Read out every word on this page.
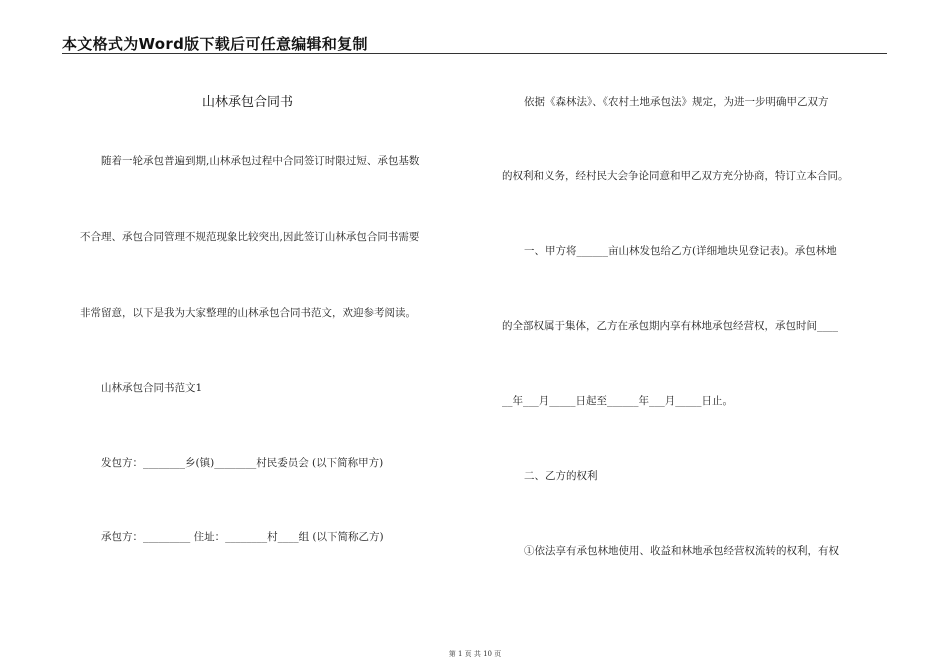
本文格式为Word版下载后可任意编辑和复制
山林承包合同书
随着一轮承包普遍到期,山林承包过程中合同签订时限过短、承包基数
不合理、承包合同管理不规范现象比较突出,因此签订山林承包合同书需要
非常留意，以下是我为大家整理的山林承包合同书范文，欢迎参考阅读。
山林承包合同书范文1
发包方：________乡(镇)________村民委员会 (以下简称甲方)
承包方：_________ 住址：________村____组 (以下简称乙方)
依据《森林法》、《农村土地承包法》规定，为进一步明确甲乙双方
的权利和义务，经村民大会争论同意和甲乙双方充分协商，特订立本合同。
一、甲方将______亩山林发包给乙方(详细地块见登记表)。承包林地
的全部权属于集体，乙方在承包期内享有林地承包经营权，承包时间____
__年___月_____日起至______年___月_____日止。
二、乙方的权利
①依法享有承包林地使用、收益和林地承包经营权流转的权利，有权
第 1 页 共 10 页
